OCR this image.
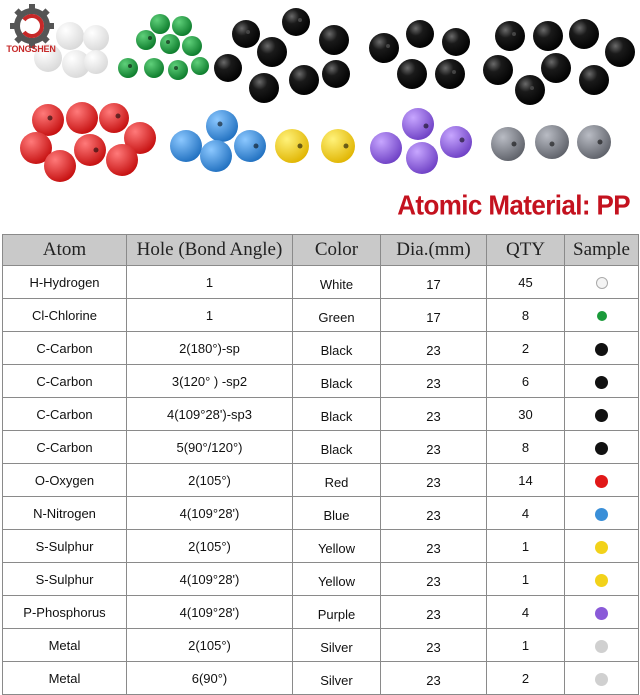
TONGSHEN
Atomic Material: PP
Atom	Hole (Bond Angle)	Color	Dia.(mm)	QTY	Sample
H-Hydrogen	1	White	17	45	
Cl-Chlorine	1	Green	17	8	
C-Carbon	2(180°)-sp	Black	23	2	
C-Carbon	3(120° ) -sp2	Black	23	6	
C-Carbon	4(109°28')-sp3	Black	23	30	
C-Carbon	5(90°/120°)	Black	23	8	
O-Oxygen	2(105°)	Red	23	14	
N-Nitrogen	4(109°28')	Blue	23	4	
S-Sulphur	2(105°)	Yellow	23	1	
S-Sulphur	4(109°28')	Yellow	23	1	
P-Phosphorus	4(109°28')	Purple	23	4	
Metal	2(105°)	Silver	23	1	
Metal	6(90°)	Silver	23	2	
